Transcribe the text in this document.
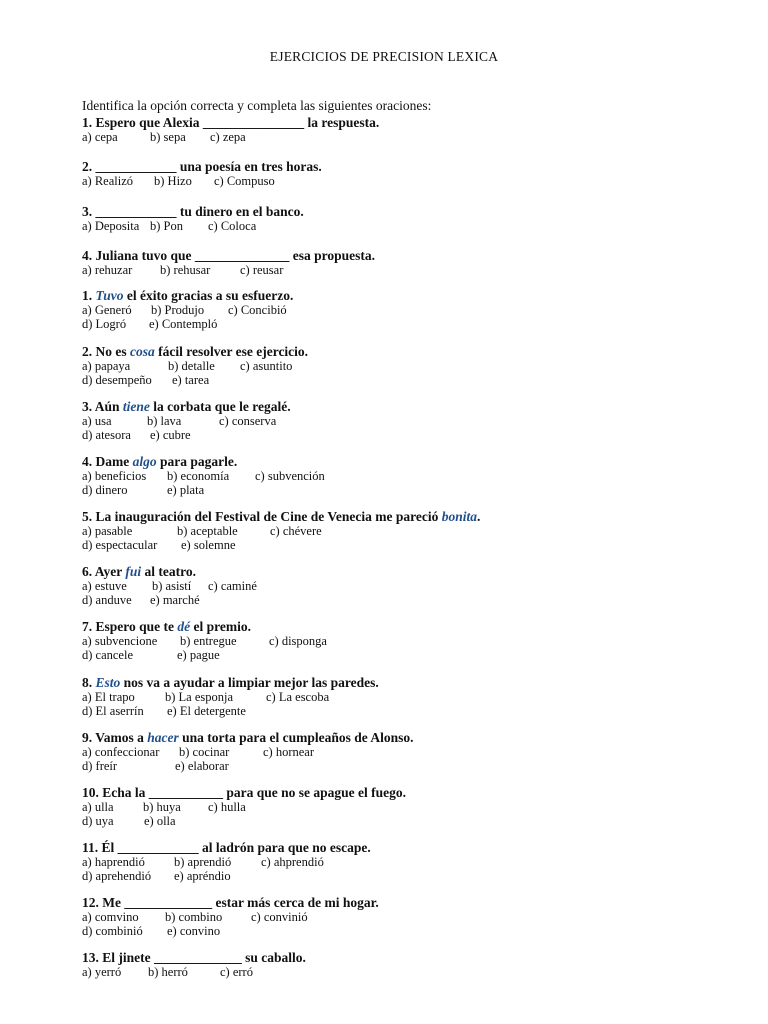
EJERCICIOS DE PRECISION LEXICA
Identifica la opción correcta y completa las siguientes oraciones:
1. Espero que Alexia _______________ la respuesta.
a) cepa	b) sepa c) zepa
2. ____________ una poesía en tres horas.
a) Realizó b) Hizo c) Compuso
3. ____________ tu dinero en el banco.
a) Deposita b) Pon c) Coloca
4. Juliana tuvo que ______________ esa propuesta.
a) rehuzar b) rehusar c) reusar
1. Tuvo el éxito gracias a su esfuerzo.
a) Generó b) Produjo c) Concibió
d) Logró e) Contempló
2. No es cosa fácil resolver ese ejercicio.
a) papaya	b) detalle c) asuntito
d) desempeño e) tarea
3. Aún tiene la corbata que le regalé.
a) usa	b) lava	c) conserva
d) atesora e) cubre
4. Dame algo para pagarle.
a) beneficios b) economía c) subvención
d) dinero	e) plata
5. La inauguración del Festival de Cine de Venecia me pareció bonita.
a) pasable	b) aceptable	c) chévere
d) espectacular e) solemne
6. Ayer fui al teatro.
a) estuve b) asistí c) caminé
d) anduve e) marché
7. Espero que te dé el premio.
a) subvencione b) entregue	c) disponga
d) cancele	e) pague
8. Esto nos va a ayudar a limpiar mejor las paredes.
a) El trapo b) La esponja	c) La escoba
d) El aserrín e) El detergente
9. Vamos a hacer una torta para el cumpleaños de Alonso.
a) confeccionar b) cocinar	c) hornear
d) freír	e) elaborar
10. Echa la ___________ para que no se apague el fuego.
a) ulla b) huya c) hulla
d) uya e) olla
11. Él ____________ al ladrón para que no escape.
a) haprendió b) aprendió c) ahprendió
d) aprehendió e) apréndio
12. Me _____________ estar más cerca de mi hogar.
a) comvino b) combino c) convinió
d) combinió e) convino
13. El jinete _____________ su caballo.
a) yerró b) herró	c) erró
